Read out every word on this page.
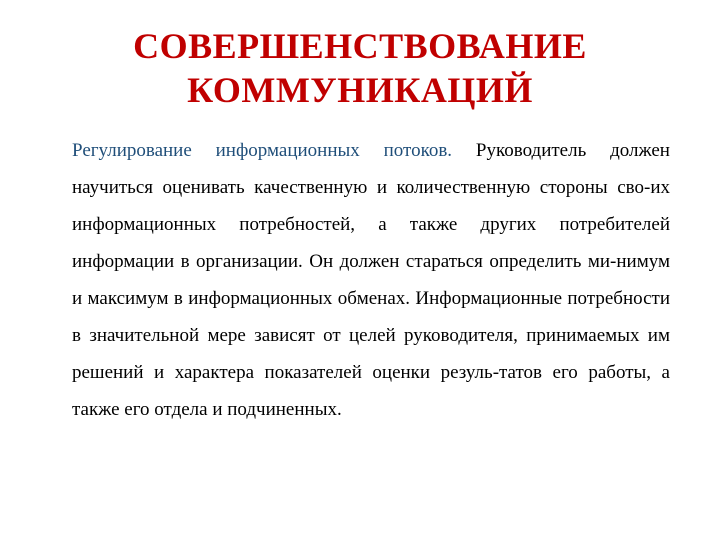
СОВЕРШЕНСТВОВАНИЕ
КОММУНИКАЦИЙ

Регулирование информационных потоков. Руководитель должен научиться оценивать качественную и количественную стороны сво-их информационных потребностей, а также других потребителей информации в организации. Он должен стараться определить ми-нимум и максимум в информационных обменах. Информационные потребности в значительной мере зависят от целей руководителя, принимаемых им решений и характера показателей оценки резуль-татов его работы, а также его отдела и подчиненных.
